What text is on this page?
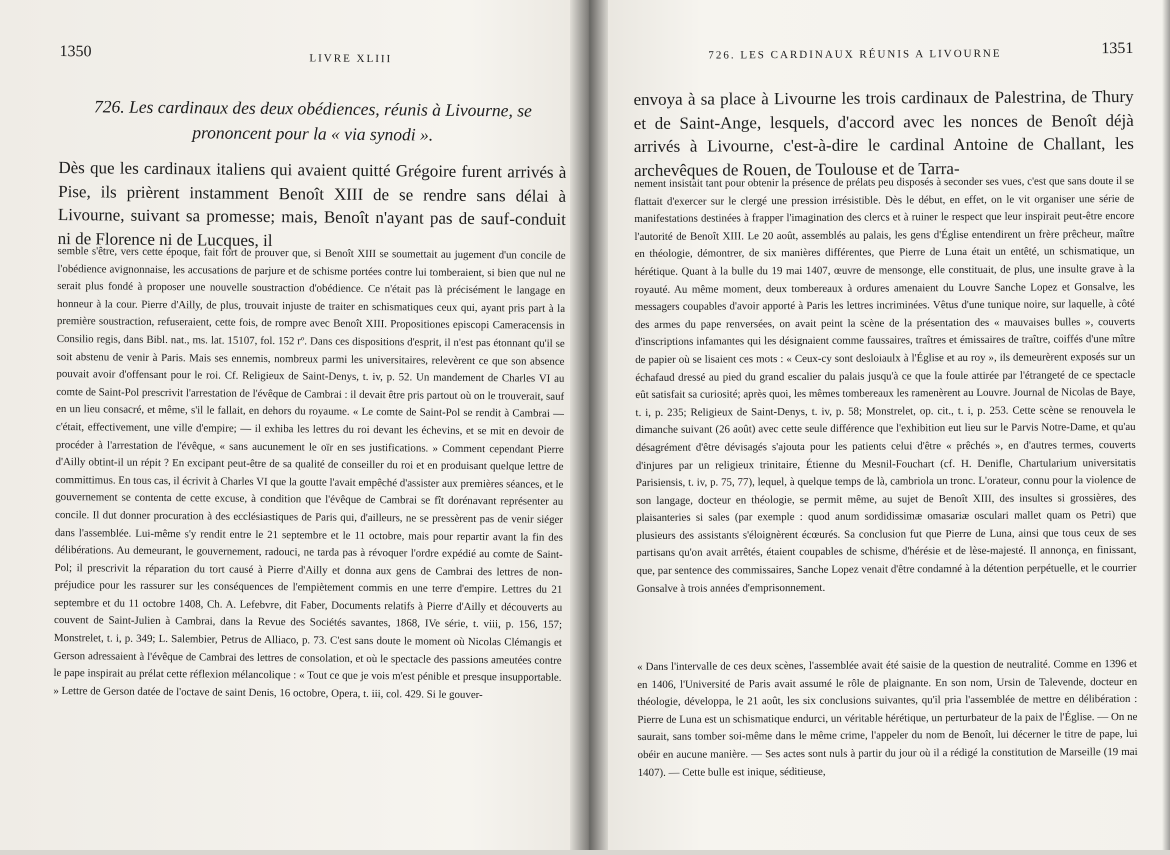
1350	LIVRE XLIII

726. Les cardinaux des deux obédiences, réunis à Livourne, se prononcent pour la « via synodi ».

Dès que les cardinaux italiens qui avaient quitté Grégoire furent arrivés à Pise, ils prièrent instamment Benoît XIII de se rendre sans délai à Livourne, suivant sa promesse; mais, Benoît n'ayant pas de sauf-conduit ni de Florence ni de Lucques, il

semble s'être, vers cette époque, fait fort de prouver que, si Benoît XIII se soumettait au jugement d'un concile de l'obédience avignonnaise, les accusations de parjure et de schisme portées contre lui tomberaient, si bien que nul ne serait plus fondé à proposer une nouvelle soustraction d'obédience. Ce n'était pas là précisément le langage en honneur à la cour. Pierre d'Ailly, de plus, trouvait injuste de traiter en schismatiques ceux qui, ayant pris part à la première soustraction, refuseraient, cette fois, de rompre avec Benoît XIII. Propositiones episcopi Cameracensis in Consilio regis, dans Bibl. nat., ms. lat. 15107, fol. 152 rº. Dans ces dispositions d'esprit, il n'est pas étonnant qu'il se soit abstenu de venir à Paris. Mais ses ennemis, nombreux parmi les universitaires, relevèrent ce que son absence pouvait avoir d'offensant pour le roi. Cf. Religieux de Saint-Denys, t. iv, p. 52. Un mandement de Charles VI au comte de Saint-Pol prescrivit l'arrestation de l'évêque de Cambrai : il devait être pris partout où on le trouverait, sauf en un lieu consacré, et même, s'il le fallait, en dehors du royaume. « Le comte de Saint-Pol se rendit à Cambrai — c'était, effectivement, une ville d'empire; — il exhiba les lettres du roi devant les échevins, et se mit en devoir de procéder à l'arrestation de l'évêque, « sans aucunement le oïr en ses justifications. » Comment cependant Pierre d'Ailly obtint-il un répit ? En excipant peut-être de sa qualité de conseiller du roi et en produisant quelque lettre de committimus. En tous cas, il écrivit à Charles VI que la goutte l'avait empêché d'assister aux premières séances, et le gouvernement se contenta de cette excuse, à condition que l'évêque de Cambrai se fît dorénavant représenter au concile. Il dut donner procuration à des ecclésiastiques de Paris qui, d'ailleurs, ne se pressèrent pas de venir siéger dans l'assemblée. Lui-même s'y rendit entre le 21 septembre et le 11 octobre, mais pour repartir avant la fin des délibérations. Au demeurant, le gouvernement, radouci, ne tarda pas à révoquer l'ordre expédié au comte de Saint-Pol; il prescrivit la réparation du tort causé à Pierre d'Ailly et donna aux gens de Cambrai des lettres de non-préjudice pour les rassurer sur les conséquences de l'empiètement commis en une terre d'empire. Lettres du 21 septembre et du 11 octobre 1408, Ch. A. Lefebvre, dit Faber, Documents relatifs à Pierre d'Ailly et découverts au couvent de Saint-Julien à Cambrai, dans la Revue des Sociétés savantes, 1868, IVe série, t. viii, p. 156, 157; Monstrelet, t. i, p. 349; L. Salembier, Petrus de Alliaco, p. 73. C'est sans doute le moment où Nicolas Clémangis et Gerson adressaient à l'évêque de Cambrai des lettres de consolation, et où le spectacle des passions ameutées contre le pape inspirait au prélat cette réflexion mélancolique : « Tout ce que je vois m'est pénible et presque insupportable. » Lettre de Gerson datée de l'octave de saint Denis, 16 octobre, Opera, t. iii, col. 429. Si le gouver-

726. LES CARDINAUX RÉUNIS A LIVOURNE	1351

envoya à sa place à Livourne les trois cardinaux de Palestrina, de Thury et de Saint-Ange, lesquels, d'accord avec les nonces de Benoît déjà arrivés à Livourne, c'est-à-dire le cardinal Antoine de Challant, les archevêques de Rouen, de Toulouse et de Tarra-

nement insistait tant pour obtenir la présence de prélats peu disposés à seconder ses vues, c'est que sans doute il se flattait d'exercer sur le clergé une pression irrésistible. Dès le début, en effet, on le vit organiser une série de manifestations destinées à frapper l'imagination des clercs et à ruiner le respect que leur inspirait peut-être encore l'autorité de Benoît XIII. Le 20 août, assemblés au palais, les gens d'Église entendirent un frère prêcheur, maître en théologie, démontrer, de six manières différentes, que Pierre de Luna était un entêté, un schismatique, un hérétique. Quant à la bulle du 19 mai 1407, œuvre de mensonge, elle constituait, de plus, une insulte grave à la royauté. Au même moment, deux tombereaux à ordures amenaient du Louvre Sanche Lopez et Gonsalve, les messagers coupables d'avoir apporté à Paris les lettres incriminées. Vêtus d'une tunique noire, sur laquelle, à côté des armes du pape renversées, on avait peint la scène de la présentation des « mauvaises bulles », couverts d'inscriptions infamantes qui les désignaient comme faussaires, traîtres et émissaires de traître, coiffés d'une mître de papier où se lisaient ces mots : « Ceux-cy sont desloiaulx à l'Église et au roy », ils demeurèrent exposés sur un échafaud dressé au pied du grand escalier du palais jusqu'à ce que la foule attirée par l'étrangeté de ce spectacle eût satisfait sa curiosité; après quoi, les mêmes tombereaux les ramenèrent au Louvre. Journal de Nicolas de Baye, t. i, p. 235; Religieux de Saint-Denys, t. iv, p. 58; Monstrelet, op. cit., t. i, p. 253. Cette scène se renouvela le dimanche suivant (26 août) avec cette seule différence que l'exhibition eut lieu sur le Parvis Notre-Dame, et qu'au désagrément d'être dévisagés s'ajouta pour les patients celui d'être « prêchés », en d'autres termes, couverts d'injures par un religieux trinitaire, Étienne du Mesnil-Fouchart (cf. H. Denifle, Chartularium universitatis Parisiensis, t. iv, p. 75, 77), lequel, à quelque temps de là, cambriola un tronc. L'orateur, connu pour la violence de son langage, docteur en théologie, se permit même, au sujet de Benoît XIII, des insultes si grossières, des plaisanteries si sales (par exemple : quod anum sordidissimæ omasariæ osculari mallet quam os Petri) que plusieurs des assistants s'éloignèrent écœurés. Sa conclusion fut que Pierre de Luna, ainsi que tous ceux de ses partisans qu'on avait arrêtés, étaient coupables de schisme, d'hérésie et de lèse-majesté. Il annonça, en finissant, que, par sentence des commissaires, Sanche Lopez venait d'être condamné à la détention perpétuelle, et le courrier Gonsalve à trois années d'emprisonnement.

« Dans l'intervalle de ces deux scènes, l'assemblée avait été saisie de la question de neutralité. Comme en 1396 et en 1406, l'Université de Paris avait assumé le rôle de plaignante. En son nom, Ursin de Talevende, docteur en théologie, développa, le 21 août, les six conclusions suivantes, qu'il pria l'assemblée de mettre en délibération : Pierre de Luna est un schismatique endurci, un véritable hérétique, un perturbateur de la paix de l'Église. — On ne saurait, sans tomber soi-même dans le même crime, l'appeler du nom de Benoît, lui décerner le titre de pape, lui obéir en aucune manière. — Ses actes sont nuls à partir du jour où il a rédigé la constitution de Marseille (19 mai 1407). — Cette bulle est inique, séditieuse,
